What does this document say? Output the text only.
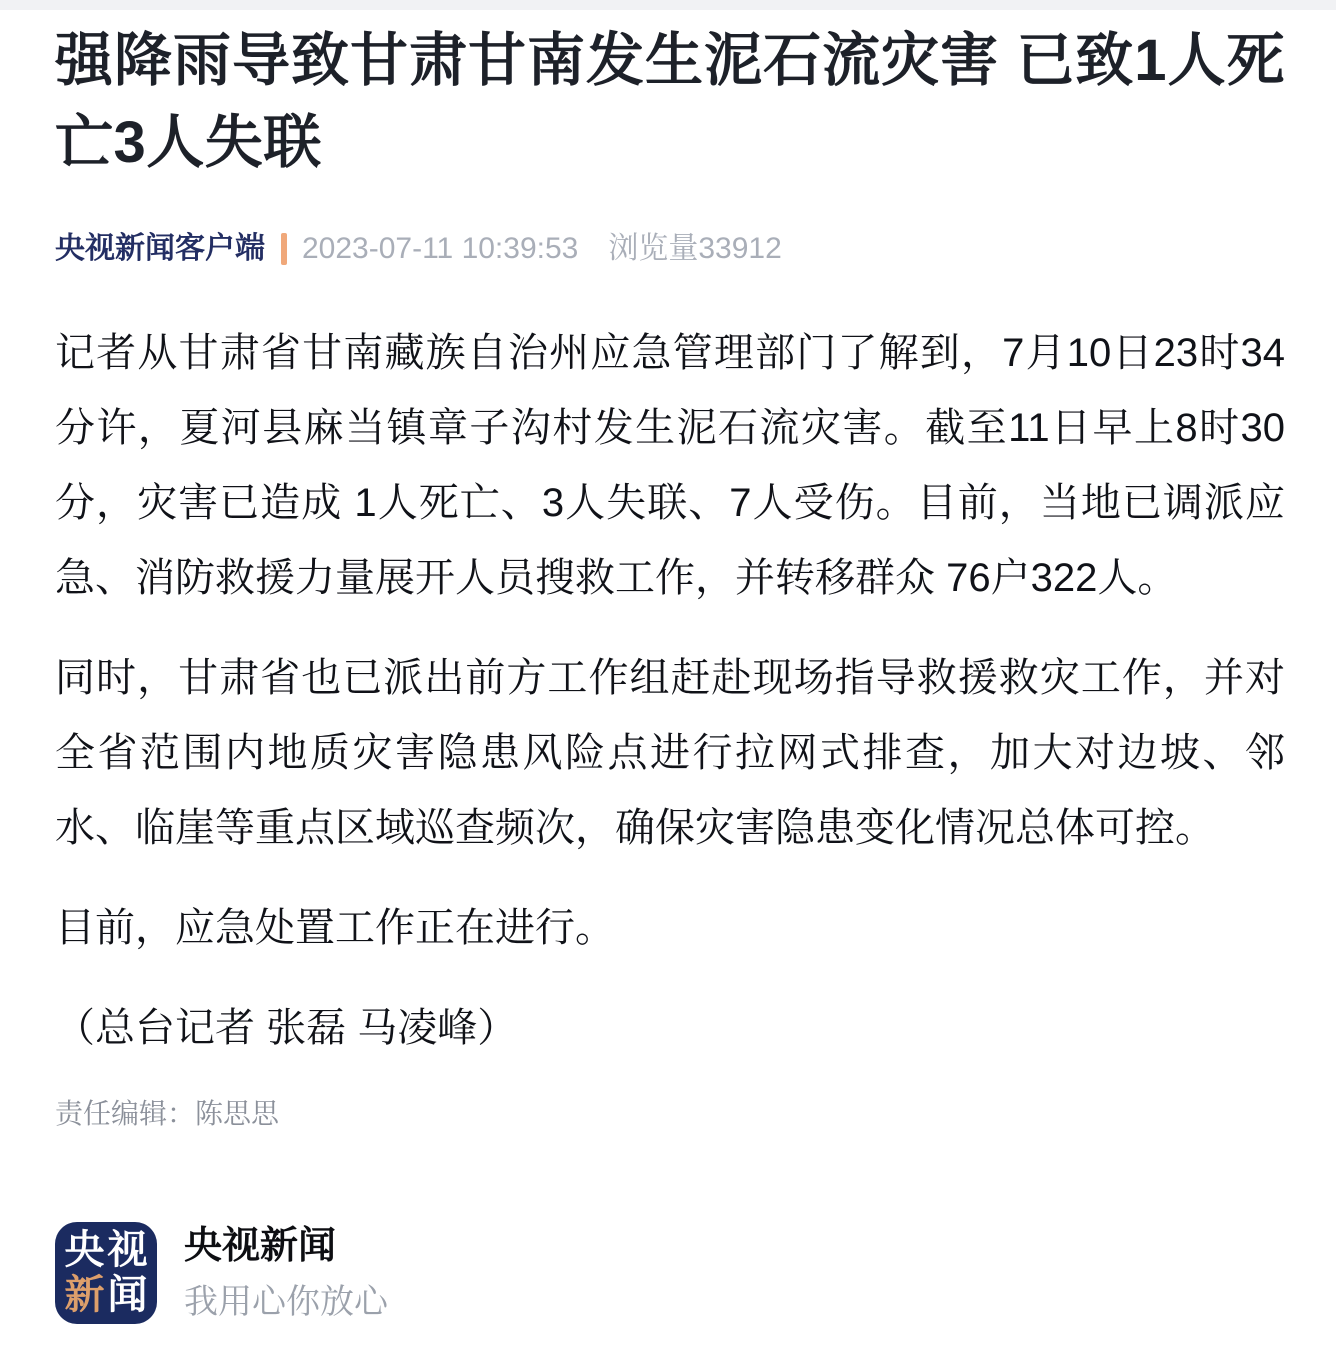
强降雨导致甘肃甘南发生泥石流灾害 已致1人死亡3人失联
央视新闻客户端 2023-07-11 10:39:53 浏览量33912

记者从甘肃省甘南藏族自治州应急管理部门了解到，7月10日23时34分许，夏河县麻当镇章子沟村发生泥石流灾害。截至11日早上8时30分，灾害已造成 1人死亡、3人失联、7人受伤。目前，当地已调派应急、消防救援力量展开人员搜救工作，并转移群众 76户322人。

同时，甘肃省也已派出前方工作组赶赴现场指导救援救灾工作，并对全省范围内地质灾害隐患风险点进行拉网式排查，加大对边坡、邻水、临崖等重点区域巡查频次，确保灾害隐患变化情况总体可控。

目前，应急处置工作正在进行。

（总台记者 张磊 马凌峰）

责任编辑：陈思思
央视
新闻
央视新闻
我用心你放心
